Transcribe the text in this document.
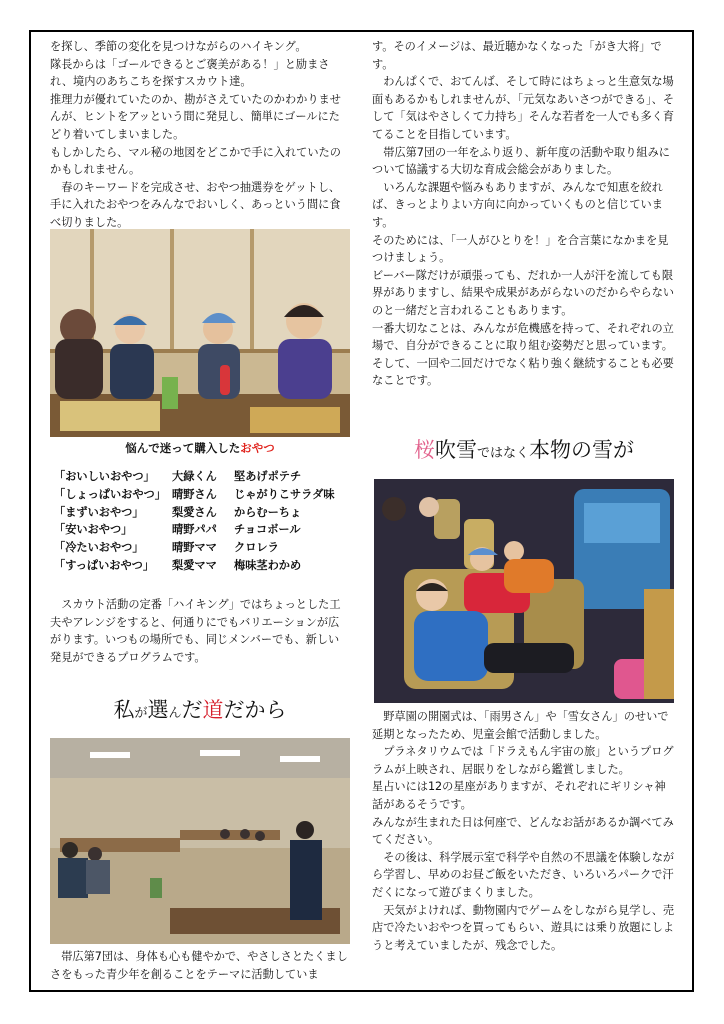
を探し、季節の変化を見つけながらのハイキング。

隊長からは「ゴールできるとご褒美がある！」と励まされ、境内のあちこちを探すスカウト達。

推理力が優れていたのか、勘がさえていたのかわかりませんが、ヒントをアッという間に発見し、簡単にゴールにたどり着いてしまいました。

もしかしたら、マル秘の地図をどこかで手に入れていたのかもしれません。

　春のキーワードを完成させ、おやつ抽選券をゲットし、手に入れたおやつをみんなでおいしく、あっという間に食べ切りました。

悩んで迷って購入したおやつ
「おいしいおやつ」	大緑くん	堅あげポテチ
「しょっぱいおやつ」 晴野さん	じゃがりこサラダ味
「まずいおやつ」	梨愛さん	からむーちょ
「安いおやつ」	晴野パパ	チョコボール
「冷たいおやつ」	晴野ママ	クロレラ
「すっぱいおやつ」	梨愛ママ	梅味茎わかめ

　スカウト活動の定番「ハイキング」ではちょっとした工夫やアレンジをすると、何通りにでもバリエーションが広がります。いつもの場所でも、同じメンバーでも、新しい発見ができるプログラムです。

私が選んだ道だから

　帯広第7団は、身体も心も健やかで、やさしさとたくましさをもった青少年を創ることをテーマに活動していま

す。そのイメージは、最近聴かなくなった「がき大将」です。

　わんぱくで、おてんば、そして時にはちょっと生意気な場面もあるかもしれませんが、「元気なあいさつができる」、そして「気はやさしくて力持ち」そんな若者を一人でも多く育てることを目指しています。

　帯広第7団の一年をふり返り、新年度の活動や取り組みについて協議する大切な育成会総会がありました。

　いろんな課題や悩みもありますが、みんなで知恵を絞れば、きっとよりよい方向に向かっていくものと信じています。

そのためには、「一人がひとりを！」を合言葉になかまを見つけましょう。

ビーバー隊だけが頑張っても、だれか一人が汗を流しても限界がありますし、結果や成果があがらないのだからやらないのと一緒だと言われることもあります。

一番大切なことは、みんなが危機感を持って、それぞれの立場で、自分ができることに取り組む姿勢だと思っています。

そして、一回や二回だけでなく粘り強く継続することも必要なことです。

桜吹雪ではなく本物の雪が

　野草園の開園式は、「雨男さん」や「雪女さん」のせいで延期となったため、児童会館で活動しました。

　プラネタリウムでは「ドラえもん宇宙の旅」というプログラムが上映され、居眠りをしながら鑑賞しました。

星占いには12の星座がありますが、それぞれにギリシャ神話があるそうです。

みんなが生まれた日は何座で、どんなお話があるか調べてみてください。

　その後は、科学展示室で科学や自然の不思議を体験しながら学習し、早めのお昼ご飯をいただき、いろいろパークで汗だくになって遊びまくりました。

　天気がよければ、動物園内でゲームをしながら見学し、売店で冷たいおやつを買ってもらい、遊具には乗り放題にしようと考えていましたが、残念でした。
